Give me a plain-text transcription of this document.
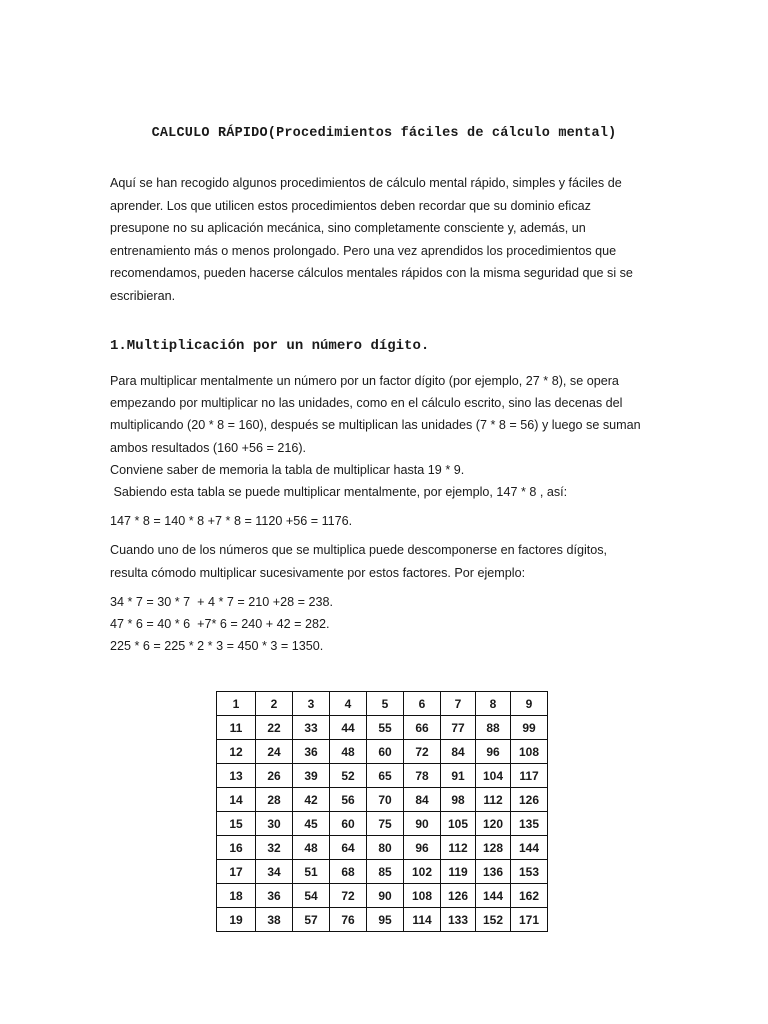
CALCULO RÁPIDO(Procedimientos fáciles de cálculo mental)

Aquí se han recogido algunos procedimientos de cálculo mental rápido, simples y fáciles de
aprender. Los que utilicen estos procedimientos deben recordar que su dominio eficaz
presupone no su aplicación mecánica, sino completamente consciente y, además, un
entrenamiento más o menos prolongado. Pero una vez aprendidos los procedimientos que
recomendamos, pueden hacerse cálculos mentales rápidos con la misma seguridad que si se
escribieran.

1.Multiplicación por un número dígito.

Para multiplicar mentalmente un número por un factor dígito (por ejemplo, 27 * 8), se opera
empezando por multiplicar no las unidades, como en el cálculo escrito, sino las decenas del
multiplicando (20 * 8 = 160), después se multiplican las unidades (7 * 8 = 56) y luego se suman
ambos resultados (160 +56 = 216).
Conviene saber de memoria la tabla de multiplicar hasta 19 * 9.
Sabiendo esta tabla se puede multiplicar mentalmente, por ejemplo, 147 * 8 , así:

147 * 8 = 140 * 8 +7 * 8 = 1120 +56 = 1176.

Cuando uno de los números que se multiplica puede descomponerse en factores dígitos,
resulta cómodo multiplicar sucesivamente por estos factores. Por ejemplo:

34 * 7 = 30 * 7  + 4 * 7 = 210 +28 = 238.
47 * 6 = 40 * 6  +7* 6 = 240 + 42 = 282.
225 * 6 = 225 * 2 * 3 = 450 * 3 = 1350.

1	2	3	4	5	6	7	8	9
11	22	33	44	55	66	77	88	99
12	24	36	48	60	72	84	96	108
13	26	39	52	65	78	91	104	117
14	28	42	56	70	84	98	112	126
15	30	45	60	75	90	105	120	135
16	32	48	64	80	96	112	128	144
17	34	51	68	85	102	119	136	153
18	36	54	72	90	108	126	144	162
19	38	57	76	95	114	133	152	171
